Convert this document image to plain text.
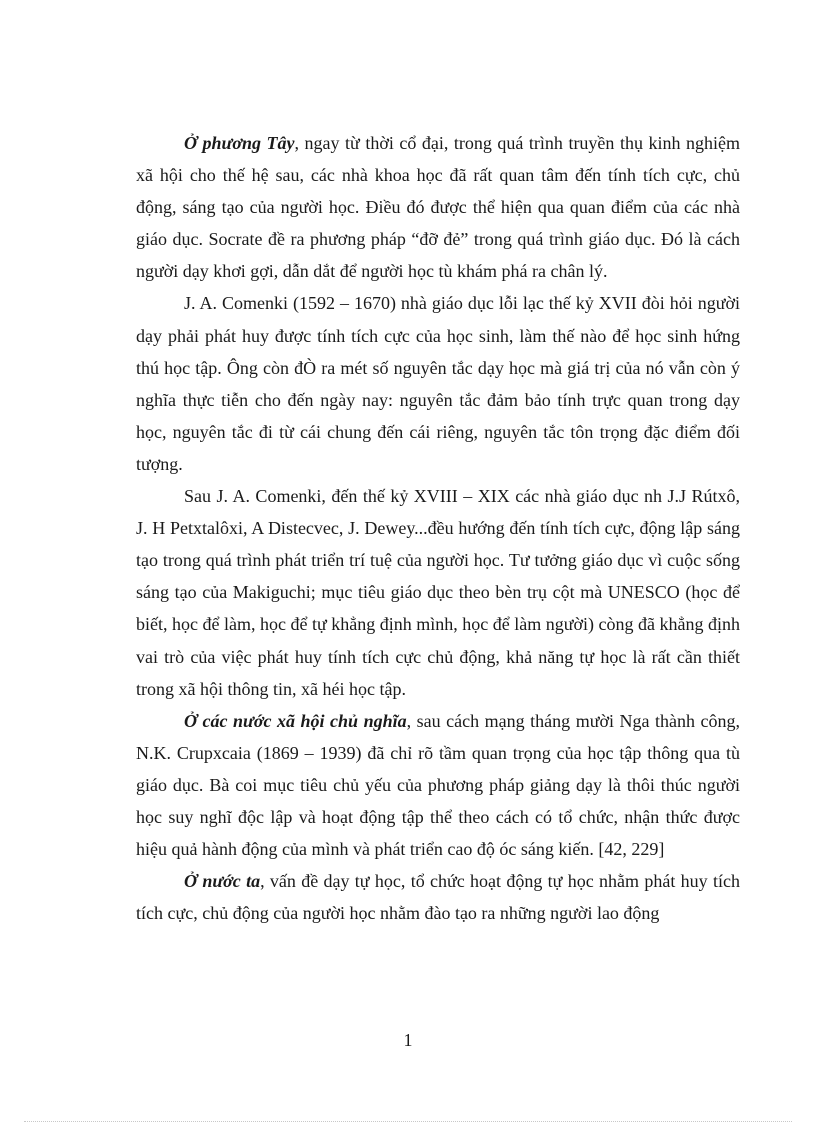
Ở phương Tây, ngay từ thời cổ đại, trong quá trình truyền thụ kinh nghiệm xã hội cho thế hệ sau, các nhà khoa học đã rất quan tâm đến tính tích cực, chủ động, sáng tạo của người học. Điều đó được thể hiện qua quan điểm của các nhà giáo dục. Socrate đề ra phương pháp “đỡ đẻ” trong quá trình giáo dục. Đó là cách người dạy khơi gợi, dẫn dắt để người học tù khám phá ra chân lý.

J. A. Comenki (1592 – 1670) nhà giáo dục lỗi lạc thế kỷ XVII đòi hỏi người dạy phải phát huy được tính tích cực của học sinh, làm thế nào để học sinh hứng thú học tập. Ông còn đÒ ra mét số nguyên tắc dạy học mà giá trị của nó vẫn còn ý nghĩa thực tiễn cho đến ngày nay: nguyên tắc đảm bảo tính trực quan trong dạy học, nguyên tắc đi từ cái chung đến cái riêng, nguyên tắc tôn trọng đặc điểm đối tượng.

Sau J. A. Comenki, đến thế kỷ XVIII – XIX các nhà giáo dục nh J.J Rútxô, J. H Petxtalôxi, A Distecvec, J. Dewey...đều hướng đến tính tích cực, động lập sáng tạo trong quá trình phát triển trí tuệ của người học. Tư tưởng giáo dục vì cuộc sống sáng tạo của Makiguchi; mục tiêu giáo dục theo bèn trụ cột mà UNESCO (học để biết, học để làm, học để tự khẳng định mình, học để làm người) còng đã khẳng định vai trò của việc phát huy tính tích cực chủ động, khả năng tự học là rất cần thiết trong xã hội thông tin, xã héi học tập.

Ở các nước xã hội chủ nghĩa, sau cách mạng tháng mười Nga thành công, N.K. Crupxcaia (1869 – 1939) đã chỉ rõ tầm quan trọng của học tập thông qua tù giáo dục. Bà coi mục tiêu chủ yếu của phương pháp giảng dạy là thôi thúc người học suy nghĩ độc lập và hoạt động tập thể theo cách có tổ chức, nhận thức được hiệu quả hành động của mình và phát triển cao độ óc sáng kiến. [42, 229]

Ở nước ta, vấn đề dạy tự học, tổ chức hoạt động tự học nhằm phát huy tích tích cực, chủ động của người học nhằm đào tạo ra những người lao động

1
